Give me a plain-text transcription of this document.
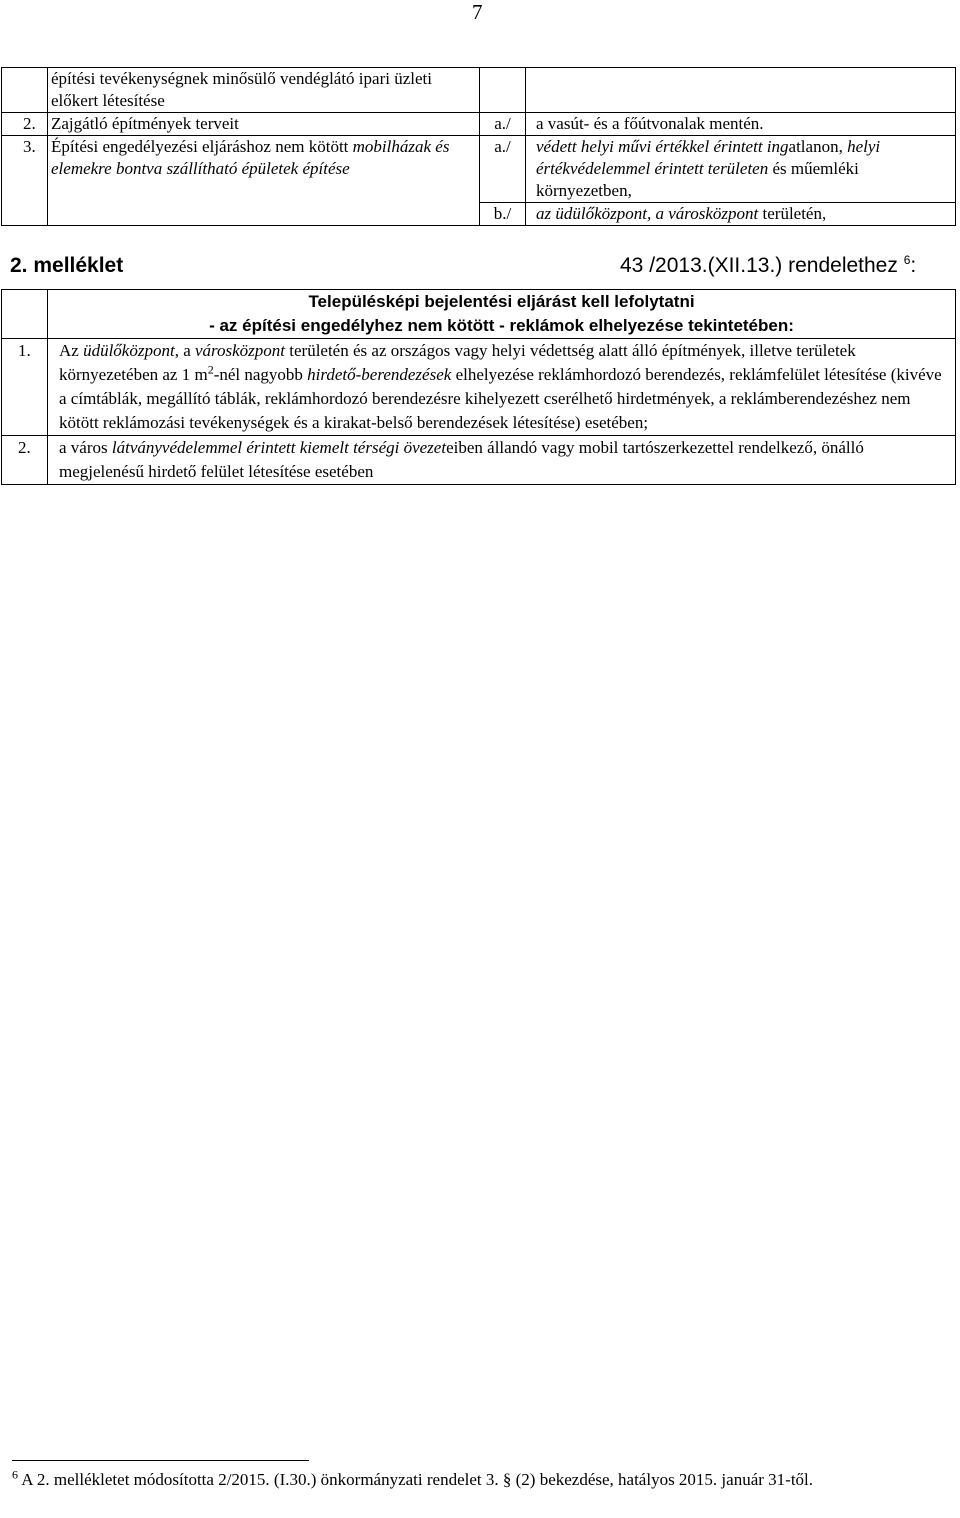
7
	építési tevékenységnek minősülő vendéglátó ipari üzleti előkert létesítése		
2.	Zajgátló építmények terveit	a./	a vasút- és a főútvonalak mentén.
3.	Építési engedélyezési eljáráshoz nem kötött mobilházak és elemekre bontva szállítható épületek építése	a./	védett helyi művi értékkel érintett ingatlanon, helyi értékvédelemmel érintett területen és műemléki környezetben,
		b./	az üdülőközpont, a városközpont területén,
2. melléklet	43 /2013.(XII.13.) rendelethez $^6$:

	Településképi bejelentési eljárást kell lefolytatni
- az építési engedélyhez nem kötött - reklámok elhelyezése tekintetében:

1.	Az üdülőközpont, a városközpont területén és az országos vagy helyi védettség alatt álló építmények, illetve területek környezetében az 1 $m^2$-nél nagyobb hirdető-berendezések elhelyezése reklámhordozó berendezés, reklámfelület létesítése (kivéve a címtáblák, megállító táblák, reklámhordozó berendezésre kihelyezett cserélhető hirdetmények, a reklámberendezéshez nem kötött reklámozási tevékenységek és a kirakat-belső berendezések létesítése) esetében;
2.	a város látványvédelemmel érintett kiemelt térségi övezeteiben állandó vagy mobil tartószerkezettel rendelkező, önálló megjelenésű hirdető felület létesítése esetében
$^6$ A 2. mellékletet módosította 2/2015. (I.30.) önkormányzati rendelet 3. § (2) bekezdése, hatályos 2015. január 31-től.
